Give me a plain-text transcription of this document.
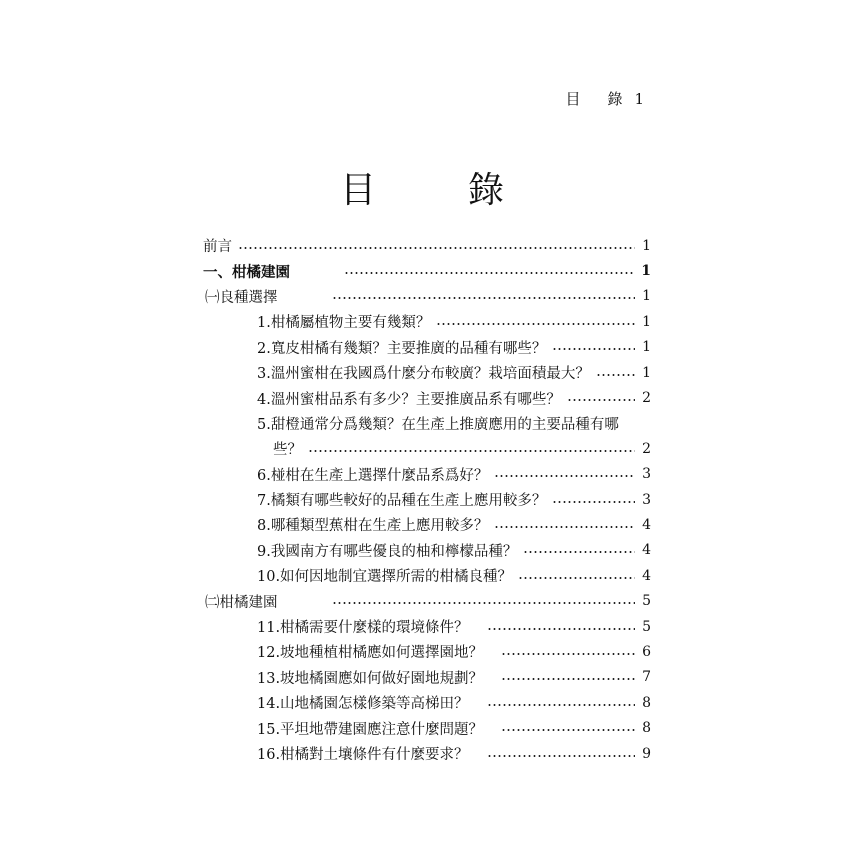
目　錄 1
目　錄
前言	1
一、柑橘建園	1
㈠良種選擇	1
1.柑橘屬植物主要有幾類？	1
2.寬皮柑橘有幾類？主要推廣的品種有哪些？	1
3.溫州蜜柑在我國爲什麼分布較廣？栽培面積最大？	1
4.溫州蜜柑品系有多少？主要推廣品系有哪些？	2
5.甜橙通常分爲幾類？在生產上推廣應用的主要品種有哪
些？	2
6.椪柑在生產上選擇什麼品系爲好？	3
7.橘類有哪些較好的品種在生產上應用較多？	3
8.哪種類型蕉柑在生產上應用較多？	4
9.我國南方有哪些優良的柚和檸檬品種？	4
10.如何因地制宜選擇所需的柑橘良種？	4
㈡柑橘建園	5
11.柑橘需要什麼樣的環境條件？	5
12.坡地種植柑橘應如何選擇園地？	6
13.坡地橘園應如何做好園地規劃？	7
14.山地橘園怎樣修築等高梯田？	8
15.平坦地帶建園應注意什麼問題？	8
16.柑橘對土壤條件有什麼要求？	9
